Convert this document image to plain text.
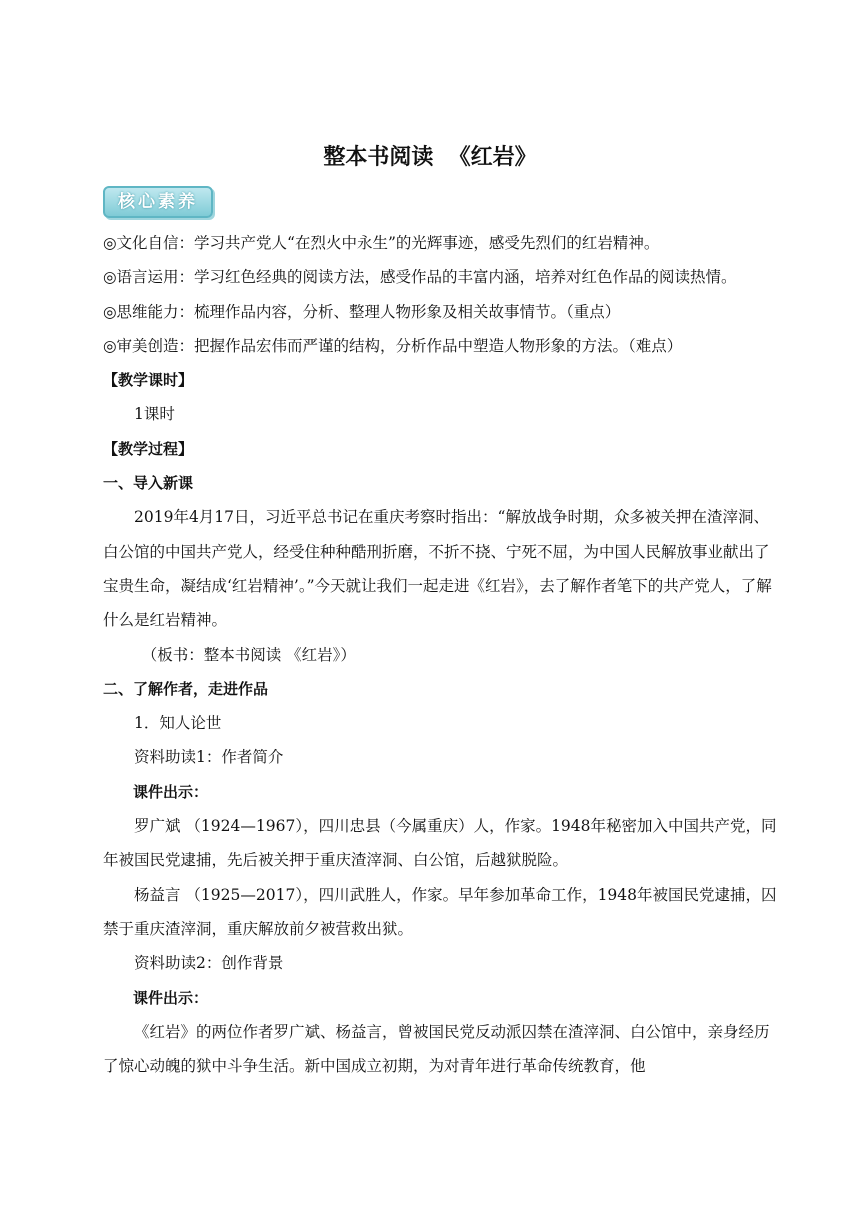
整本书阅读  《红岩》
核心素养

◎文化自信：学习共产党人“在烈火中永生”的光辉事迹，感受先烈们的红岩精神。

◎语言运用：学习红色经典的阅读方法，感受作品的丰富内涵，培养对红色作品的阅读热情。

◎思维能力：梳理作品内容，分析、整理人物形象及相关故事情节。（重点）

◎审美创造：把握作品宏伟而严谨的结构，分析作品中塑造人物形象的方法。（难点）

【教学课时】

1课时

【教学过程】

一、导入新课

2019年4月17日，习近平总书记在重庆考察时指出：“解放战争时期，众多被关押在渣滓洞、白公馆的中国共产党人，经受住种种酷刑折磨，不折不挠、宁死不屈，为中国人民解放事业献出了宝贵生命，凝结成‘红岩精神’。”今天就让我们一起走进《红岩》，去了解作者笔下的共产党人，了解什么是红岩精神。

（板书：整本书阅读 《红岩》）

二、了解作者，走进作品

1．知人论世

资料助读1：作者简介

课件出示：

罗广斌 （1924—1967），四川忠县（今属重庆）人，作家。1948年秘密加入中国共产党，同年被国民党逮捕，先后被关押于重庆渣滓洞、白公馆，后越狱脱险。

杨益言 （1925—2017），四川武胜人，作家。早年参加革命工作，1948年被国民党逮捕，囚禁于重庆渣滓洞，重庆解放前夕被营救出狱。

资料助读2：创作背景

课件出示：

《红岩》的两位作者罗广斌、杨益言，曾被国民党反动派囚禁在渣滓洞、白公馆中，亲身经历了惊心动魄的狱中斗争生活。新中国成立初期，为对青年进行革命传统教育，他
